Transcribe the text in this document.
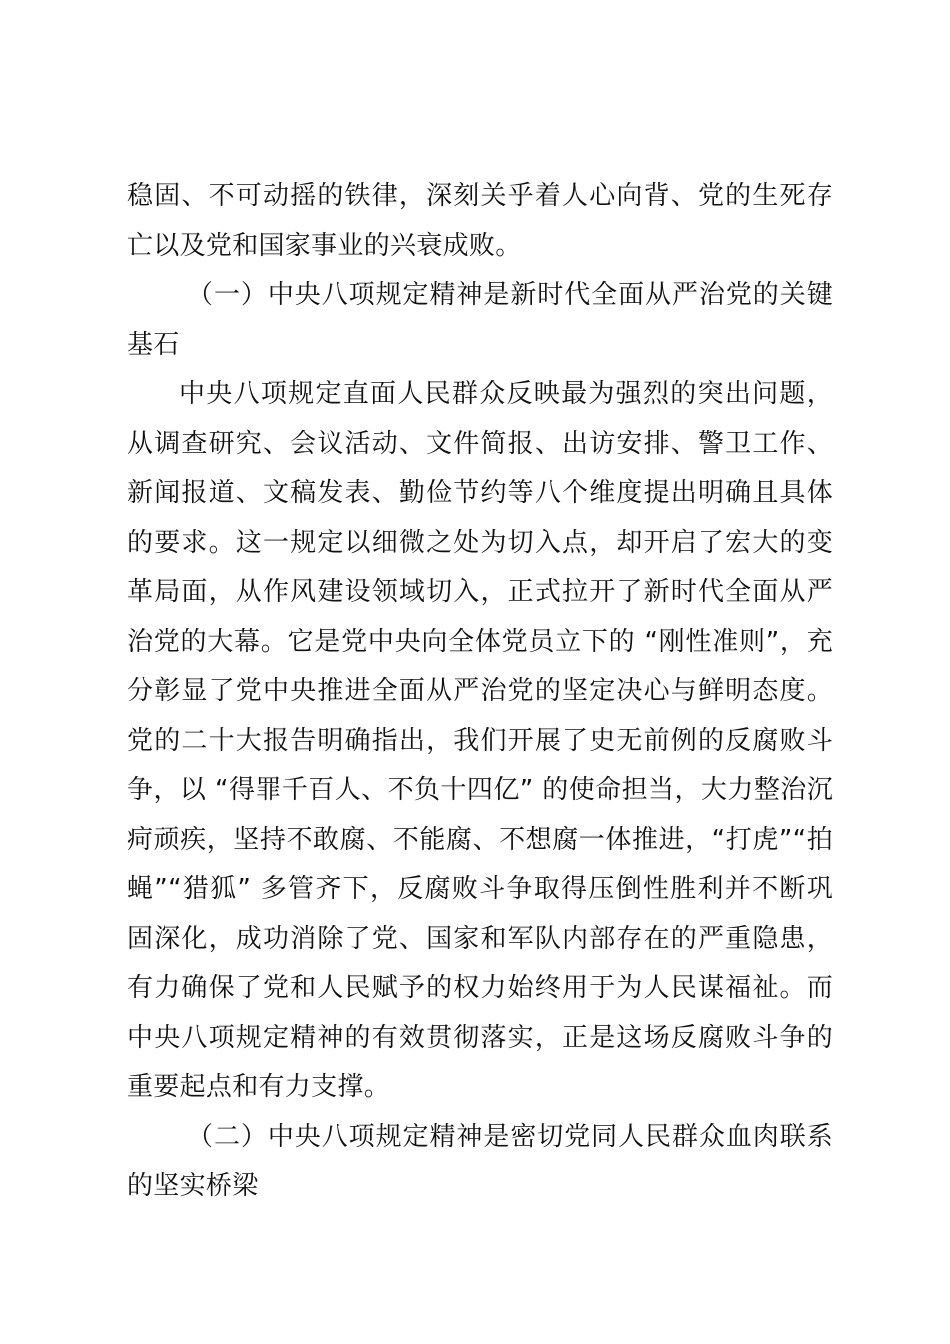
稳固、不可动摇的铁律，深刻关乎着人心向背、党的生死存亡以及党和国家事业的兴衰成败。

（一）中央八项规定精神是新时代全面从严治党的关键基石

中央八项规定直面人民群众反映最为强烈的突出问题，从调查研究、会议活动、文件简报、出访安排、警卫工作、新闻报道、文稿发表、勤俭节约等八个维度提出明确且具体的要求。这一规定以细微之处为切入点，却开启了宏大的变革局面，从作风建设领域切入，正式拉开了新时代全面从严治党的大幕。它是党中央向全体党员立下的 “刚性准则”，充分彰显了党中央推进全面从严治党的坚定决心与鲜明态度。党的二十大报告明确指出，我们开展了史无前例的反腐败斗争，以 “得罪千百人、不负十四亿” 的使命担当，大力整治沉疴顽疾，坚持不敢腐、不能腐、不想腐一体推进，“打虎”“拍蝇”“猎狐” 多管齐下，反腐败斗争取得压倒性胜利并不断巩固深化，成功消除了党、国家和军队内部存在的严重隐患，有力确保了党和人民赋予的权力始终用于为人民谋福祉。而中央八项规定精神的有效贯彻落实，正是这场反腐败斗争的重要起点和有力支撑。

（二）中央八项规定精神是密切党同人民群众血肉联系的坚实桥梁
